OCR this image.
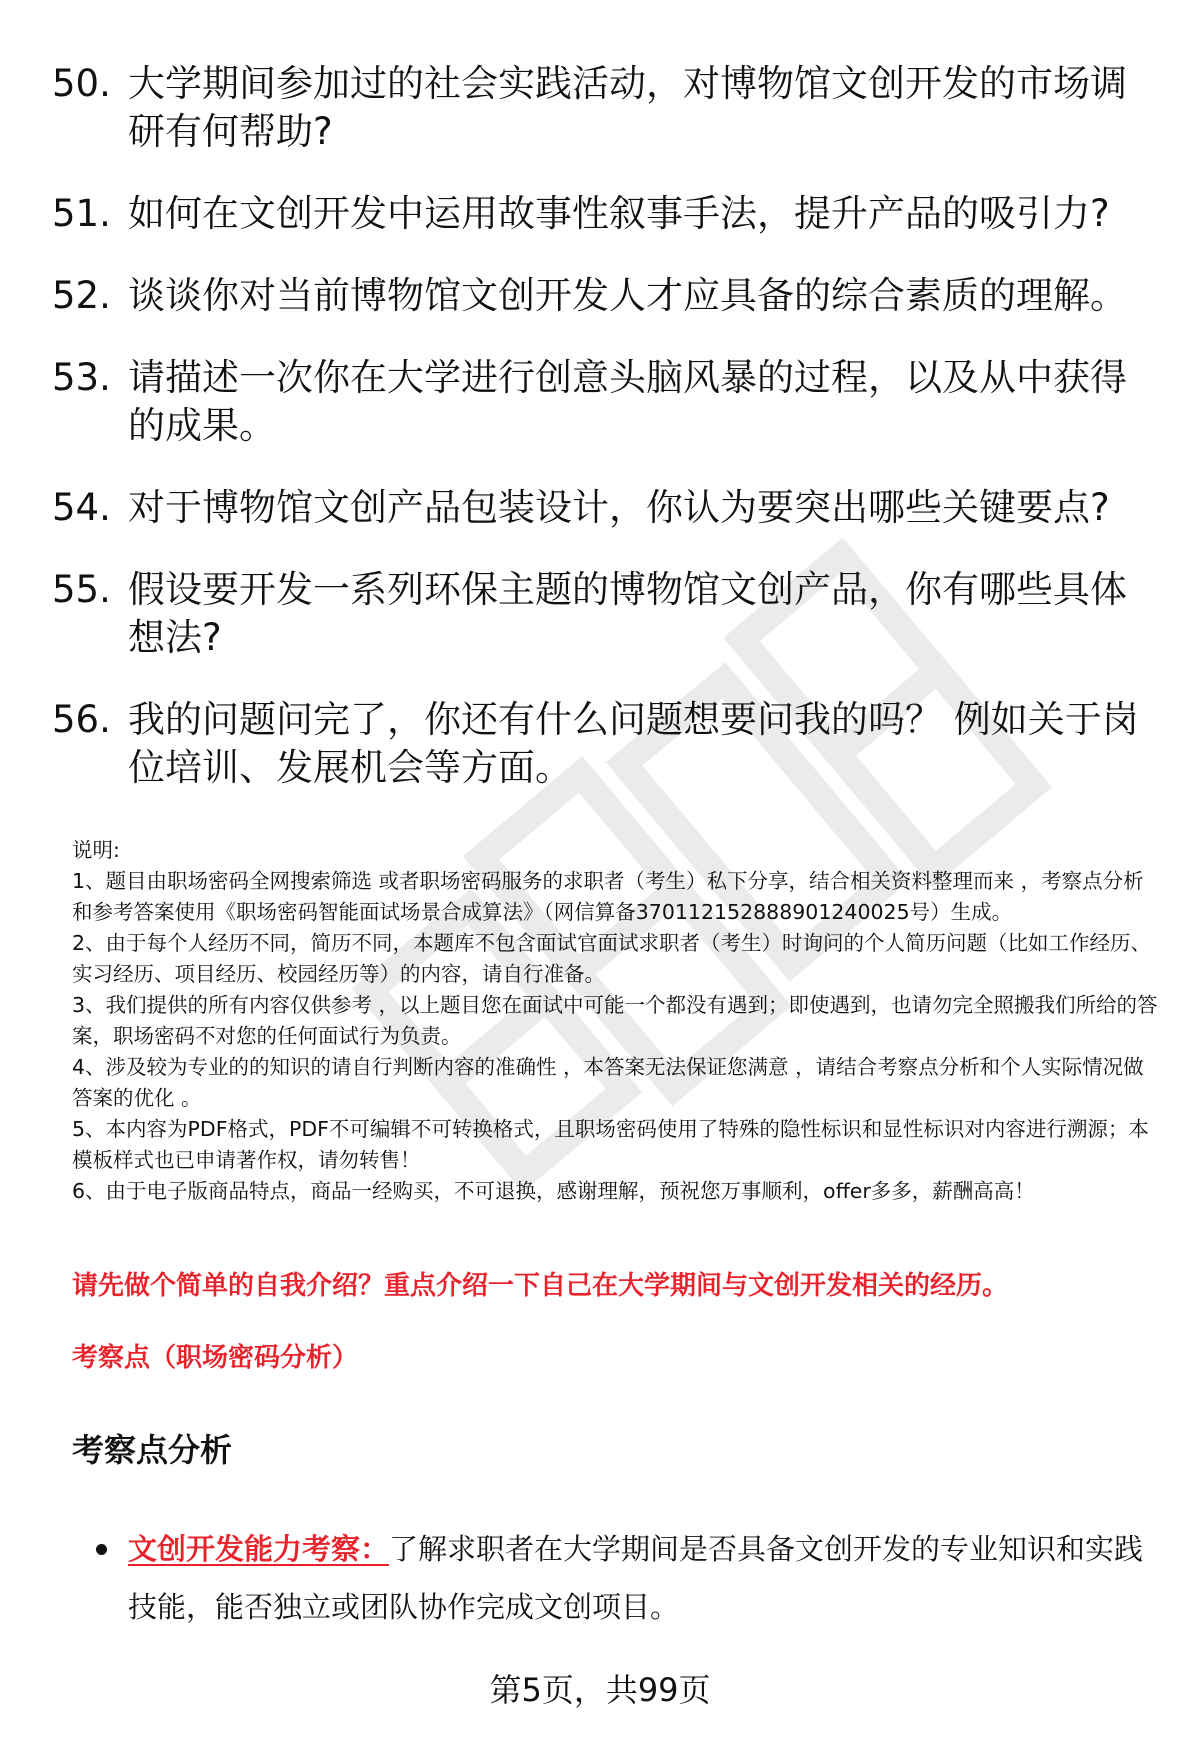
50. 大学期间参加过的社会实践活动，对博物馆文创开发的市场调研有何帮助?
51. 如何在文创开发中运用故事性叙事手法，提升产品的吸引力?
52. 谈谈你对当前博物馆文创开发人才应具备的综合素质的理解。
53. 请描述一次你在大学进行创意头脑风暴的过程，以及从中获得的成果。
54. 对于博物馆文创产品包装设计，你认为要突出哪些关键要点?
55. 假设要开发一系列环保主题的博物馆文创产品，你有哪些具体想法?
56. 我的问题问完了，你还有什么问题想要问我的吗？ 例如关于岗位培训、发展机会等方面。
说明:
1、题目由职场密码全网搜索筛选 或者职场密码服务的求职者（考生）私下分享，结合相关资料整理而来 ，考察点分析和参考答案使用《职场密码智能面试场景合成算法》（网信算备370112152888901240025号）生成。
2、由于每个人经历不同，简历不同，本题库不包含面试官面试求职者（考生）时询问的个人简历问题（比如工作经历、实习经历、项目经历、校园经历等）的内容，请自行准备。
3、我们提供的所有内容仅供参考 ，以上题目您在面试中可能一个都没有遇到；即使遇到，也请勿完全照搬我们所给的答案，职场密码不对您的任何面试行为负责。
4、涉及较为专业的的知识的请自行判断内容的准确性 ，本答案无法保证您满意 ，请结合考察点分析和个人实际情况做答案的优化 。
5、本内容为PDF格式，PDF不可编辑不可转换格式，且职场密码使用了特殊的隐性标识和显性标识对内容进行溯源；本模板样式也已申请著作权，请勿转售！
6、由于电子版商品特点，商品一经购买，不可退换，感谢理解，预祝您万事顺利，offer多多，薪酬高高！
请先做个简单的自我介绍？重点介绍一下自己在大学期间与文创开发相关的经历。
考察点（职场密码分析）
考察点分析
文创开发能力考察：了解求职者在大学期间是否具备文创开发的专业知识和实践技能，能否独立或团队协作完成文创项目。
第5页，共99页
